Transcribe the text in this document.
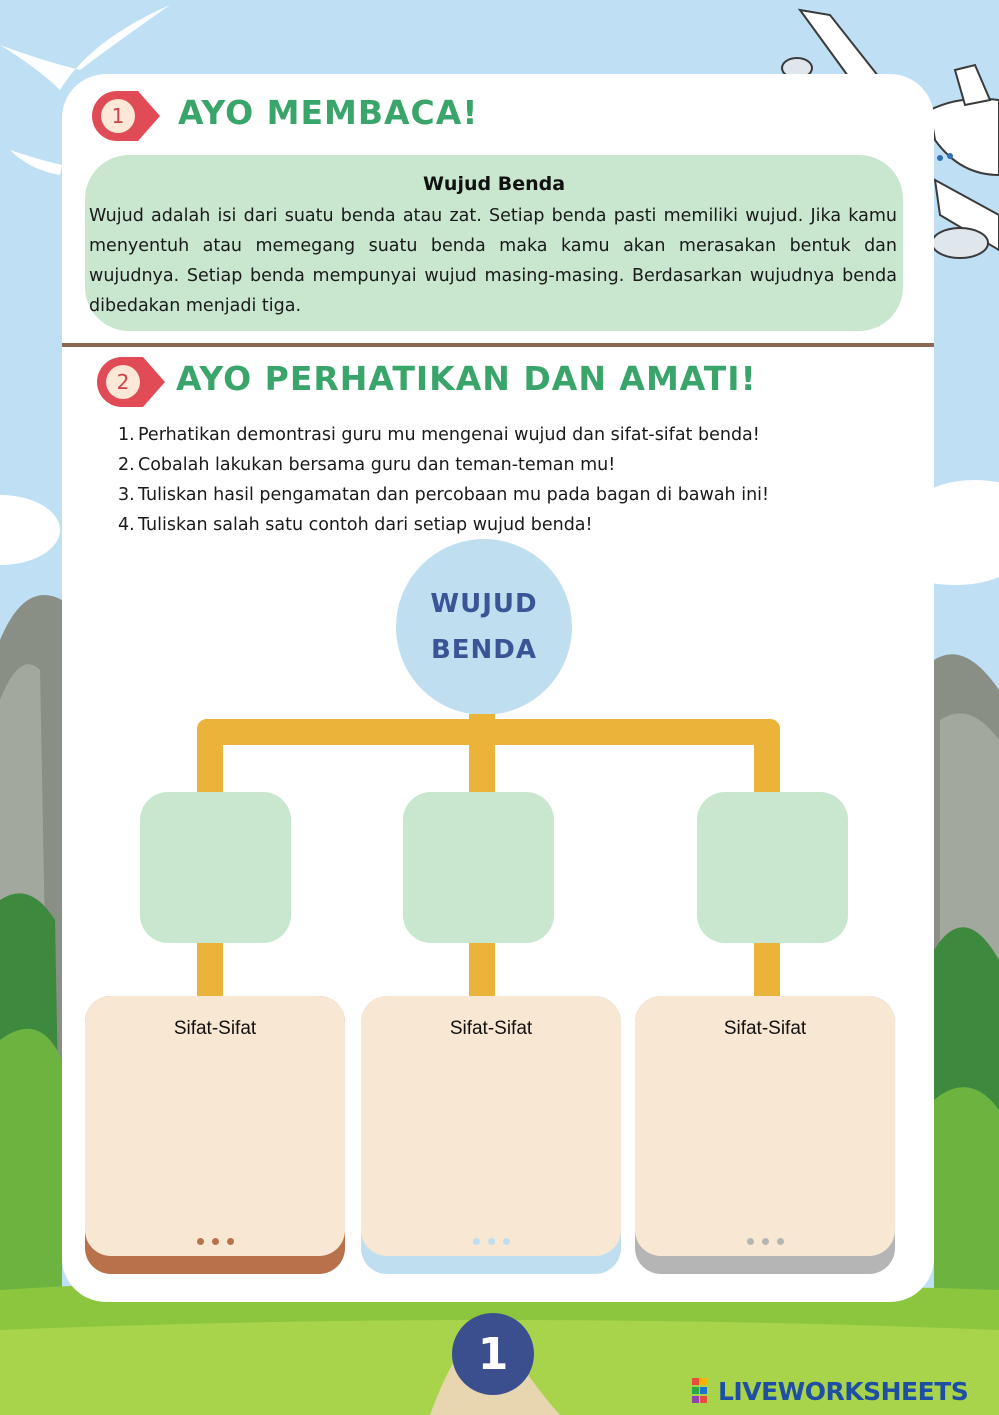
1 AYO MEMBACA!
Wujud Benda
Wujud adalah isi dari suatu benda atau zat. Setiap benda pasti memiliki wujud. Jika kamu menyentuh atau memegang suatu benda maka kamu akan merasakan bentuk dan wujudnya. Setiap benda mempunyai wujud masing-masing. Berdasarkan wujudnya benda dibedakan menjadi tiga.
2 AYO PERHATIKAN DAN AMATI!
1. Perhatikan demontrasi guru mu mengenai wujud dan sifat-sifat benda!
2. Cobalah lakukan bersama guru dan teman-teman mu!
3. Tuliskan hasil pengamatan dan percobaan mu pada bagan di bawah ini!
4. Tuliskan salah satu contoh dari setiap wujud benda!
WUJUD
BENDA
Sifat-Sifat	Sifat-Sifat	Sifat-Sifat
1
LIVEWORKSHEETS
